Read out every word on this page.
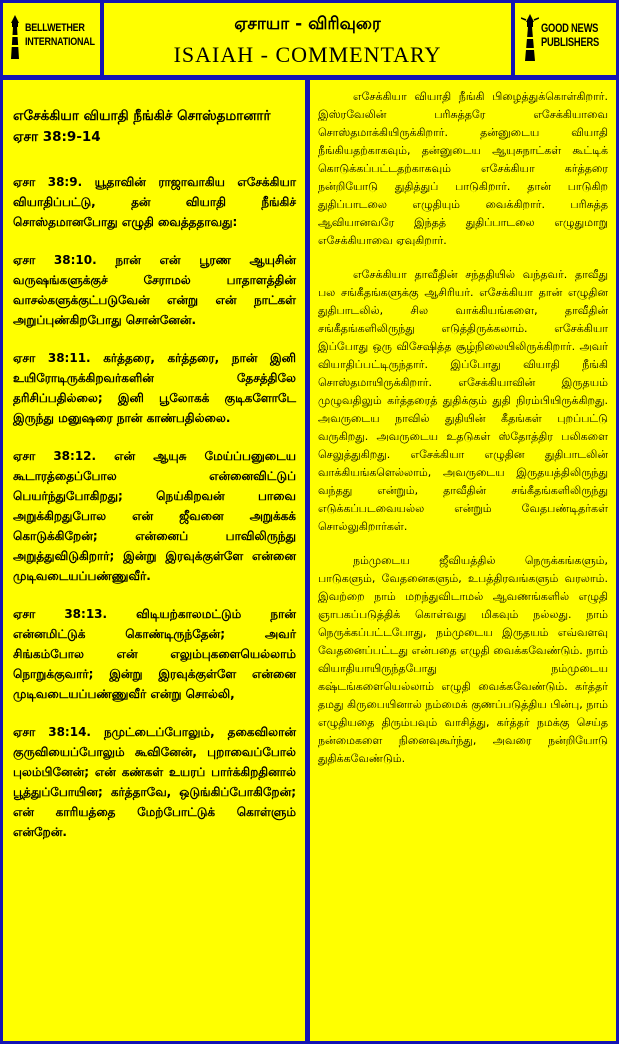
BELLWETHER
INTERNATIONAL
ஏசாயா - விரிவுரை
ISAIAH - COMMENTARY
GOOD NEWS
PUBLISHERS
எசேக்கியா வியாதி நீங்கிச் சொஸ்தமானார்
ஏசா 38:9-14

ஏசா 38:9. யூதாவின் ராஜாவாகிய எசேக்கியா வியாதிப்பட்டு, தன் வியாதி நீங்கிச் சொஸ்தமானபோது எழுதி வைத்ததாவது:

ஏசா 38:10. நான் என் பூரண ஆயுசின் வருஷங்களுக்குச் சேராமல் பாதாளத்தின் வாசல்களுக்குட்படுவேன் என்று என் நாட்கள் அறுப்புண்கிறபோது சொன்னேன்.

ஏசா 38:11. கர்த்தரை, கர்த்தரை, நான் இனி உயிரோடிருக்கிறவர்களின் தேசத்திலே தரிசிப்பதில்லை; இனி பூலோகக் குடிகளோடே இருந்து மனுஷரை நான் காண்பதில்லை.

ஏசா 38:12. என் ஆயுசு மேய்ப்பனுடைய கூடாரத்தைப்போல என்னைவிட்டுப் பெயர்ந்துபோகிறது; நெய்கிறவன் பாவை அறுக்கிறதுபோல என் ஜீவனை அறுக்கக் கொடுக்கிறேன்; என்னைப் பாவிலிருந்து அறுத்துவிடுகிறார்; இன்று இரவுக்குள்ளே என்னை முடிவடையப்பண்ணுவீர்.

ஏசா 38:13. விடியற்காலமட்டும் நான் என்னமிட்டுக் கொண்டிருந்தேன்; அவர் சிங்கம்போல என் எலும்புகளையெல்லாம் நொறுக்குவார்; இன்று இரவுக்குள்ளே என்னை முடிவடையப்பண்ணுவீர் என்று சொல்லி,

ஏசா 38:14. நமுட்டைப்போலும், தகைவிலான் குருவியைப்போலும் கூவினேன், புறாவைப்போல் புலம்பினேன்; என் கண்கள் உயரப் பார்க்கிறதினால் பூத்துப்போயின; கர்த்தாவே, ஒடுங்கிப்போகிறேன்; என் காரியத்தை மேற்போட்டுக் கொள்ளும் என்றேன்.

எசேக்கியா வியாதி நீங்கி பிழைத்துக்கொள்கிறார். இஸ்ரவேலின் பரிசுத்தரே எசேக்கியாவை சொஸ்தமாக்கியிருக்கிறார். தன்னுடைய வியாதி நீங்கியதற்காகவும், தன்னுடைய ஆயுசுநாட்கள் கூட்டிக் கொடுக்கப்பட்டதற்காகவும் எசேக்கியா கர்த்தரை நன்றியோடு துதித்துப் பாடுகிறார். தான் பாடுகிற துதிப்பாடலை எழுதியும் வைக்கிறார். பரிசுத்த ஆவியானவரே இந்தத் துதிப்பாடலை எழுதுமாறு எசேக்கியாவை ஏவுகிறார்.

எசேக்கியா தாவீதின் சந்ததியில் வந்தவர். தாவீது பல சங்கீதங்களுக்கு ஆசிரியர். எசேக்கியா தான் எழுதின துதிபாடலில், சில வாக்கியங்களை, தாவீதின் சங்கீதங்களிலிருந்து எடுத்திருக்கலாம். எசேக்கியா இப்போது ஒரு விசேஷித்த சூழ்நிலையிலிருக்கிறார். அவர் வியாதிப்பட்டிருந்தார். இப்போது வியாதி நீங்கி சொஸ்தமாயிருக்கிறார். எசேக்கியாவின் இருதயம் முழுவதிலும் கர்த்தரைத் துதிக்கும் துதி நிரம்பியிருக்கிறது. அவருடைய நாவில் துதியின் கீதங்கள் புறப்பட்டு வருகிறது. அவருடைய உதடுகள் ஸ்தோத்திர பலிகளை செலுத்துகிறது. எசேக்கியா எழுதின துதிபாடலின் வாக்கியங்களெல்லாம், அவருடைய இருதயத்திலிருந்து வந்தது என்றும், தாவீதின் சங்கீதங்களிலிருந்து எடுக்கப்படவையல்ல என்றும் வேதபண்டிதர்கள் சொல்லுகிறார்கள்.

நம்முடைய ஜீவியத்தில் நெருக்கங்களும், பாடுகளும், வேதனைகளும், உபத்திரவங்களும் வரலாம். இவற்றை நாம் மறந்துவிடாமல் ஆவணங்களில் எழுதி ஞாபகப்படுத்திக் கொள்வது மிகவும் நல்லது. நாம் நெருக்கப்பட்டபோது, நம்முடைய இருதயம் எவ்வளவு வேதனைப்பட்டது என்பதை எழுதி வைக்கவேண்டும். நாம் வியாதியாயிருந்தபோது நம்முடைய கஷ்டங்களையெல்லாம் எழுதி வைக்கவேண்டும். கர்த்தர் தமது கிருபையினால் நம்மைக் குணப்படுத்திய பின்பு, நாம் எழுதியதை திரும்பவும் வாசித்து, கர்த்தர் நமக்கு செய்த நன்மைகளை நினைவுகூர்ந்து, அவரை நன்றியோடு துதிக்கவேண்டும்.
